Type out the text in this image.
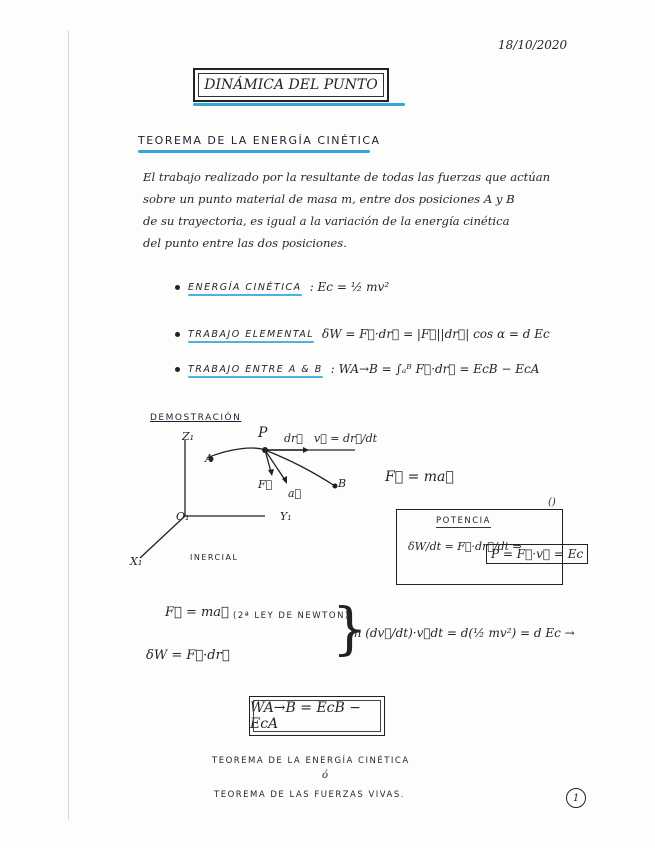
18/10/2020
DINÁMICA DEL PUNTO
TEOREMA DE LA ENERGÍA CINÉTICA
El trabajo realizado por la resultante de todas las fuerzas que actúan
sobre un punto material de masa m, entre dos posiciones A y B
de su trayectoria, es igual a la variación de la energía cinética
del punto entre las dos posiciones.
ENERGÍA CINÉTICA : Ec = ½ mv²
TRABAJO ELEMENTAL δW = F⃗·dr⃗ = |F⃗||dr⃗| cos α = d Ec
TRABAJO ENTRE A & B : WA→B = ∫ₐᴮ F⃗·dr⃗ = EcB − EcA
DEMOSTRACIÓN
Z₁
Y₁
X₁
O₁
P
A
B
dr⃗ v⃗ = dr⃗/dt
F⃗
a⃗
INERCIAL
F⃗ = ma⃗
()
POTENCIA
δW/dt = F⃗·dr⃗/dt ⇒
P = F⃗·v⃗ = Ec
F⃗ = ma⃗ (2ª LEY DE NEWTON)
δW = F⃗·dr⃗ }
m (dv⃗/dt)·v⃗dt = d(½ mv²) = d Ec →
WA→B = EcB − EcA
TEOREMA DE LA ENERGÍA CINÉTICA
ó
TEOREMA DE LAS FUERZAS VIVAS.	1
